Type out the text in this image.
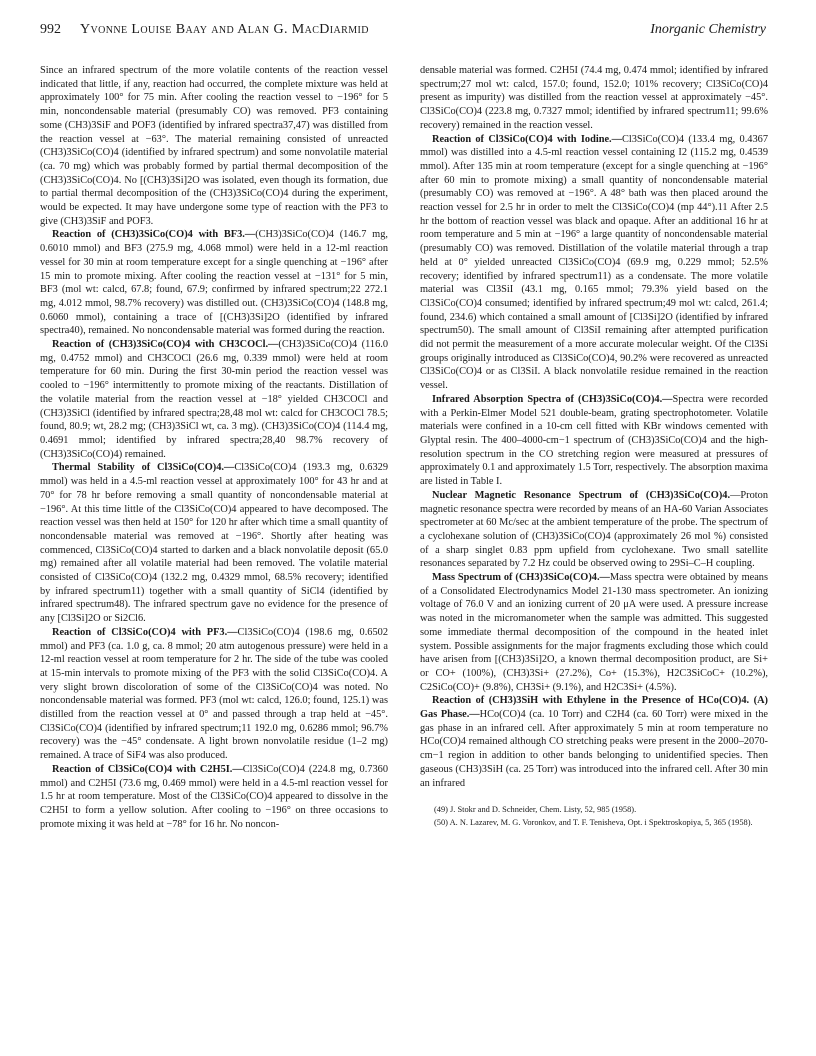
992 Yvonne Louise Baay and Alan G. MacDiarmid	Inorganic Chemistry

Since an infrared spectrum of the more volatile contents of the reaction vessel indicated that little, if any, reaction had occurred, the complete mixture was held at approximately 100° for 75 min. After cooling the reaction vessel to −196° for 5 min, noncondensable material (presumably CO) was removed. PF3 containing some (CH3)3SiF and POF3 (identified by infrared spectra37,47) was distilled from the reaction vessel at −63°. The material remaining consisted of unreacted (CH3)3SiCo(CO)4 (identified by infrared spectrum) and some nonvolatile material (ca. 70 mg) which was probably formed by partial thermal decomposition of the (CH3)3SiCo(CO)4. No [(CH3)3Si]2O was isolated, even though its formation, due to partial thermal decomposition of the (CH3)3SiCo(CO)4 during the experiment, would be expected. It may have undergone some type of reaction with the PF3 to give (CH3)3SiF and POF3.

Reaction of (CH3)3SiCo(CO)4 with BF3.—(CH3)3SiCo(CO)4 (146.7 mg, 0.6010 mmol) and BF3 (275.9 mg, 4.068 mmol) were held in a 12-ml reaction vessel for 30 min at room temperature except for a single quenching at −196° after 15 min to promote mixing. After cooling the reaction vessel at −131° for 5 min, BF3 (mol wt: calcd, 67.8; found, 67.9; confirmed by infrared spectrum;22 272.1 mg, 4.012 mmol, 98.7% recovery) was distilled out. (CH3)3SiCo(CO)4 (148.8 mg, 0.6060 mmol), containing a trace of [(CH3)3Si]2O (identified by infrared spectra40), remained. No noncondensable material was formed during the reaction.

Reaction of (CH3)3SiCo(CO)4 with CH3COCl.—(CH3)3SiCo(CO)4 (116.0 mg, 0.4752 mmol) and CH3COCl (26.6 mg, 0.339 mmol) were held at room temperature for 60 min. During the first 30-min period the reaction vessel was cooled to −196° intermittently to promote mixing of the reactants. Distillation of the volatile material from the reaction vessel at −18° yielded CH3COCl and (CH3)3SiCl (identified by infrared spectra;28,48 mol wt: calcd for CH3COCl 78.5; found, 80.9; wt, 28.2 mg; (CH3)3SiCl wt, ca. 3 mg). (CH3)3SiCo(CO)4 (114.4 mg, 0.4691 mmol; identified by infrared spectra;28,40 98.7% recovery of (CH3)3SiCo(CO)4) remained.

Thermal Stability of Cl3SiCo(CO)4.—Cl3SiCo(CO)4 (193.3 mg, 0.6329 mmol) was held in a 4.5-ml reaction vessel at approximately 100° for 43 hr and at 70° for 78 hr before removing a small quantity of noncondensable material at −196°. At this time little of the Cl3SiCo(CO)4 appeared to have decomposed. The reaction vessel was then held at 150° for 120 hr after which time a small quantity of noncondensable material was removed at −196°. Shortly after heating was commenced, Cl3SiCo(CO)4 started to darken and a black nonvolatile deposit (65.0 mg) remained after all volatile material had been removed. The volatile material consisted of Cl3SiCo(CO)4 (132.2 mg, 0.4329 mmol, 68.5% recovery; identified by infrared spectrum11) together with a small quantity of SiCl4 (identified by infrared spectrum48). The infrared spectrum gave no evidence for the presence of any [Cl3Si]2O or Si2Cl6.

Reaction of Cl3SiCo(CO)4 with PF3.—Cl3SiCo(CO)4 (198.6 mg, 0.6502 mmol) and PF3 (ca. 1.0 g, ca. 8 mmol; 20 atm autogenous pressure) were held in a 12-ml reaction vessel at room temperature for 2 hr. The side of the tube was cooled at 15-min intervals to promote mixing of the PF3 with the solid Cl3SiCo(CO)4. A very slight brown discoloration of some of the Cl3SiCo(CO)4 was noted. No noncondensable material was formed. PF3 (mol wt: calcd, 126.0; found, 125.1) was distilled from the reaction vessel at 0° and passed through a trap held at −45°. Cl3SiCo(CO)4 (identified by infrared spectrum;11 192.0 mg, 0.6286 mmol; 96.7% recovery) was the −45° condensate. A light brown nonvolatile residue (1–2 mg) remained. A trace of SiF4 was also produced.

Reaction of Cl3SiCo(CO)4 with C2H5I.—Cl3SiCo(CO)4 (224.8 mg, 0.7360 mmol) and C2H5I (73.6 mg, 0.469 mmol) were held in a 4.5-ml reaction vessel for 1.5 hr at room temperature. Most of the Cl3SiCo(CO)4 appeared to dissolve in the C2H5I to form a yellow solution. After cooling to −196° on three occasions to promote mixing it was held at −78° for 16 hr. No noncon-

densable material was formed. C2H5I (74.4 mg, 0.474 mmol; identified by infrared spectrum;27 mol wt: calcd, 157.0; found, 152.0; 101% recovery; Cl3SiCo(CO)4 present as impurity) was distilled from the reaction vessel at approximately −45°. Cl3SiCo(CO)4 (223.8 mg, 0.7327 mmol; identified by infrared spectrum11; 99.6% recovery) remained in the reaction vessel.

Reaction of Cl3SiCo(CO)4 with Iodine.—Cl3SiCo(CO)4 (133.4 mg, 0.4367 mmol) was distilled into a 4.5-ml reaction vessel containing I2 (115.2 mg, 0.4539 mmol). After 135 min at room temperature (except for a single quenching at −196° after 60 min to promote mixing) a small quantity of noncondensable material (presumably CO) was removed at −196°. A 48° bath was then placed around the reaction vessel for 2.5 hr in order to melt the Cl3SiCo(CO)4 (mp 44°).11 After 2.5 hr the bottom of reaction vessel was black and opaque. After an additional 16 hr at room temperature and 5 min at −196° a large quantity of noncondensable material (presumably CO) was removed. Distillation of the volatile material through a trap held at 0° yielded unreacted Cl3SiCo(CO)4 (69.9 mg, 0.229 mmol; 52.5% recovery; identified by infrared spectrum11) as a condensate. The more volatile material was Cl3SiI (43.1 mg, 0.165 mmol; 79.3% yield based on the Cl3SiCo(CO)4 consumed; identified by infrared spectrum;49 mol wt: calcd, 261.4; found, 234.6) which contained a small amount of [Cl3Si]2O (identified by infrared spectrum50). The small amount of Cl3SiI remaining after attempted purification did not permit the measurement of a more accurate molecular weight. Of the Cl3Si groups originally introduced as Cl3SiCo(CO)4, 90.2% were recovered as unreacted Cl3SiCo(CO)4 or as Cl3SiI. A black nonvolatile residue remained in the reaction vessel.

Infrared Absorption Spectra of (CH3)3SiCo(CO)4.—Spectra were recorded with a Perkin-Elmer Model 521 double-beam, grating spectrophotometer. Volatile materials were confined in a 10-cm cell fitted with KBr windows cemented with Glyptal resin. The 400–4000-cm−1 spectrum of (CH3)3SiCo(CO)4 and the high-resolution spectrum in the CO stretching region were measured at pressures of approximately 0.1 and approximately 1.5 Torr, respectively. The absorption maxima are listed in Table I.

Nuclear Magnetic Resonance Spectrum of (CH3)3SiCo(CO)4.—Proton magnetic resonance spectra were recorded by means of an HA-60 Varian Associates spectrometer at 60 Mc/sec at the ambient temperature of the probe. The spectrum of a cyclohexane solution of (CH3)3SiCo(CO)4 (approximately 26 mol %) consisted of a sharp singlet 0.83 ppm upfield from cyclohexane. Two small satellite resonances separated by 7.2 Hz could be observed owing to 29Si–C–H coupling.

Mass Spectrum of (CH3)3SiCo(CO)4.—Mass spectra were obtained by means of a Consolidated Electrodynamics Model 21-130 mass spectrometer. An ionizing voltage of 76.0 V and an ionizing current of 20 μA were used. A pressure increase was noted in the micromanometer when the sample was admitted. This suggested some immediate thermal decomposition of the compound in the heated inlet system. Possible assignments for the major fragments excluding those which could have arisen from [(CH3)3Si]2O, a known thermal decomposition product, are Si+ or CO+ (100%), (CH3)3Si+ (27.2%), Co+ (15.3%), H2C3SiCoC+ (10.2%), C2SiCo(CO)+ (9.8%), CH3Si+ (9.1%), and H2C3Si+ (4.5%).

Reaction of (CH3)3SiH with Ethylene in the Presence of HCo(CO)4. (A) Gas Phase.—HCo(CO)4 (ca. 10 Torr) and C2H4 (ca. 60 Torr) were mixed in the gas phase in an infrared cell. After approximately 5 min at room temperature no HCo(CO)4 remained although CO stretching peaks were present in the 2000–2070-cm−1 region in addition to other bands belonging to unidentified species. Then gaseous (CH3)3SiH (ca. 25 Torr) was introduced into the infrared cell. After 30 min an infrared

(49) J. Stokr and D. Schneider, Chem. Listy, 52, 985 (1958).

(50) A. N. Lazarev, M. G. Voronkov, and T. F. Tenisheva, Opt. i Spektroskopiya, 5, 365 (1958).
